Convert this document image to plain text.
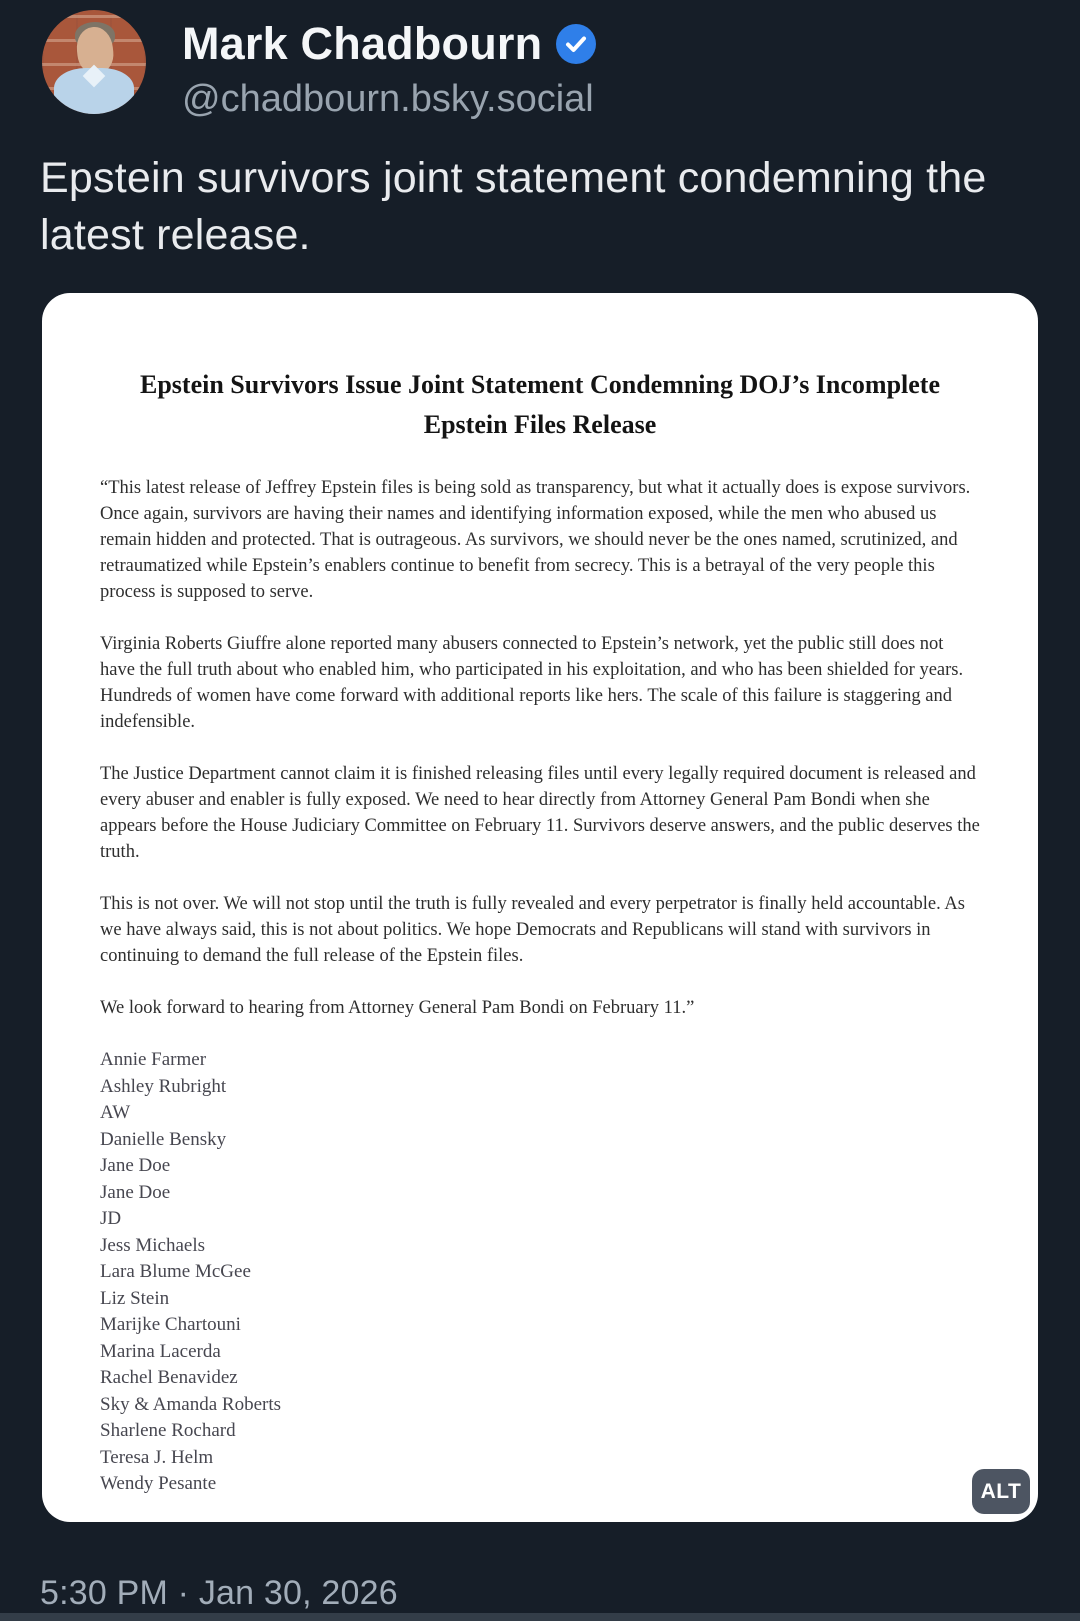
Mark Chadbourn
@chadbourn.bsky.social
Epstein survivors joint statement condemning the latest release.
Epstein Survivors Issue Joint Statement Condemning DOJ’s Incomplete Epstein Files Release

“This latest release of Jeffrey Epstein files is being sold as transparency, but what it actually does is expose survivors. Once again, survivors are having their names and identifying information exposed, while the men who abused us remain hidden and protected. That is outrageous. As survivors, we should never be the ones named, scrutinized, and retraumatized while Epstein’s enablers continue to benefit from secrecy. This is a betrayal of the very people this process is supposed to serve.

Virginia Roberts Giuffre alone reported many abusers connected to Epstein’s network, yet the public still does not have the full truth about who enabled him, who participated in his exploitation, and who has been shielded for years. Hundreds of women have come forward with additional reports like hers. The scale of this failure is staggering and indefensible.

The Justice Department cannot claim it is finished releasing files until every legally required document is released and every abuser and enabler is fully exposed. We need to hear directly from Attorney General Pam Bondi when she appears before the House Judiciary Committee on February 11. Survivors deserve answers, and the public deserves the truth.

This is not over. We will not stop until the truth is fully revealed and every perpetrator is finally held accountable. As we have always said, this is not about politics. We hope Democrats and Republicans will stand with survivors in continuing to demand the full release of the Epstein files.

We look forward to hearing from Attorney General Pam Bondi on February 11.”

Annie Farmer
Ashley Rubright
AW
Danielle Bensky
Jane Doe
Jane Doe
JD
Jess Michaels
Lara Blume McGee
Liz Stein
Marijke Chartouni
Marina Lacerda
Rachel Benavidez
Sky & Amanda Roberts
Sharlene Rochard
Teresa J. Helm
Wendy Pesante	ALT
5:30 PM · Jan 30, 2026
